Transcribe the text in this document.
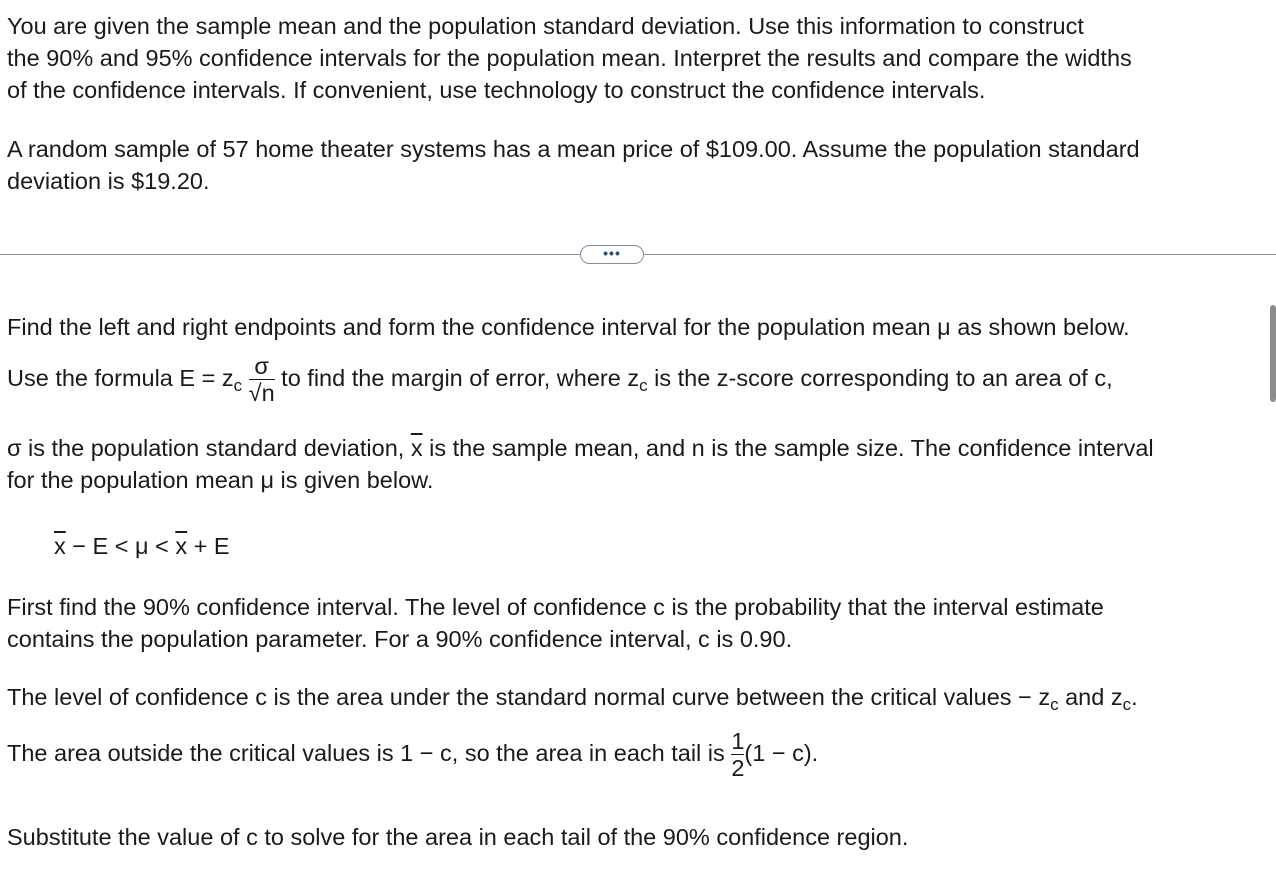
You are given the sample mean and the population standard deviation. Use this information to construct
the 90% and 95% confidence intervals for the population mean. Interpret the results and compare the widths
of the confidence intervals. If convenient, use technology to construct the confidence intervals.
A random sample of 57 home theater systems has a mean price of $109.00. Assume the population standard
deviation is $19.20.
•••
Find the left and right endpoints and form the confidence interval for the population mean μ as shown below.
Use the formula $E = z_c \frac{\sigma}{√n}$ to find the margin of error, where $z_c$ is the z-score corresponding to an area of c,
σ is the population standard deviation, $\overline{x}$ is the sample mean, and n is the sample size. The confidence interval
for the population mean μ is given below.
$\overline{x} - E < \mu < \overline{x} + E$
First find the 90% confidence interval. The level of confidence c is the probability that the interval estimate
contains the population parameter. For a 90% confidence interval, c is 0.90.
The level of confidence c is the area under the standard normal curve between the critical values − $z_c$ and $z_c$.
The area outside the critical values is 1 − c, so the area in each tail is $\frac{1}{2} (1 - c)$.
Substitute the value of c to solve for the area in each tail of the 90% confidence region.
